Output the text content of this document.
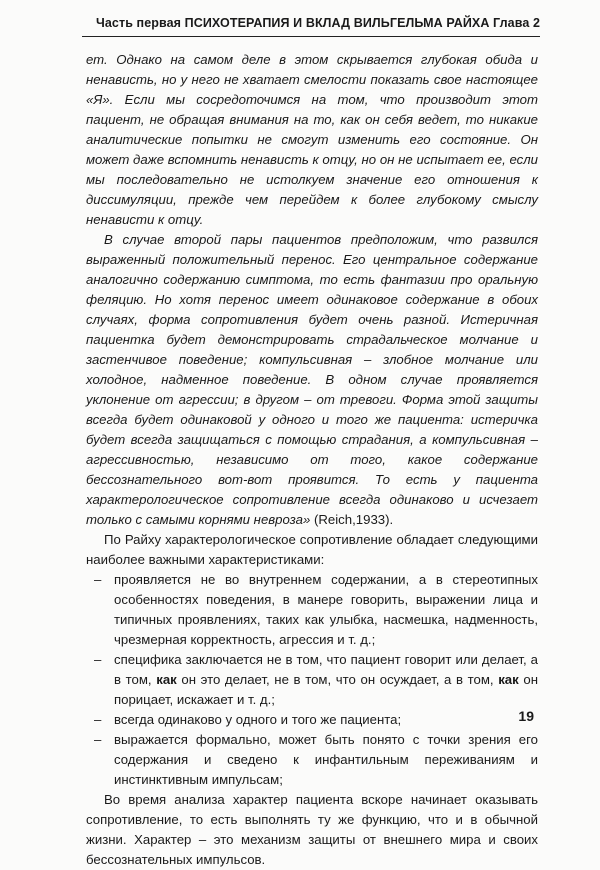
Часть первая ПСИХОТЕРАПИЯ И ВКЛАД ВИЛЬГЕЛЬМА РАЙХА Глава 2

ет. Однако на самом деле в этом скрывается глубокая обида и ненависть, но у него не хватает смелости показать свое настоящее «Я». Если мы сосредоточимся на том, что производит этот пациент, не обращая внимания на то, как он себя ведет, то никакие аналитические попытки не смогут изменить его состояние. Он может даже вспомнить ненависть к отцу, но он не испытает ее, если мы последовательно не истолкуем значение его отношения к диссимуляции, прежде чем перейдем к более глубокому смыслу ненависти к отцу.

В случае второй пары пациентов предположим, что развился выраженный положительный перенос. Его центральное содержание аналогично содержанию симптома, то есть фантазии про оральную феляцию. Но хотя перенос имеет одинаковое содержание в обоих случаях, форма сопротивления будет очень разной. Истеричная пациентка будет демонстрировать страдальческое молчание и застенчивое поведение; компульсивная – злобное молчание или холодное, надменное поведение. В одном случае проявляется уклонение от агрессии; в другом – от тревоги. Форма этой защиты всегда будет одинаковой у одного и того же пациента: истеричка будет всегда защищаться с помощью страдания, а компульсивная – агрессивностью, независимо от того, какое содержание бессознательного вот-вот проявится. То есть у пациента характерологическое сопротивление всегда одинаково и исчезает только с самыми корнями невроза» (Reich,1933).

По Райху характерологическое сопротивление обладает следующими наиболее важными характеристиками:

– проявляется не во внутреннем содержании, а в стереотипных особенностях поведения, в манере говорить, выражении лица и типичных проявлениях, таких как улыбка, насмешка, надменность, чрезмерная корректность, агрессия и т. д.;
– специфика заключается не в том, что пациент говорит или делает, а в том, как он это делает, не в том, что он осуждает, а в том, как он порицает, искажает и т. д.;
– всегда одинаково у одного и того же пациента;
– выражается формально, может быть понято с точки зрения его содержания и сведено к инфантильным переживаниям и инстинктивным импульсам;

Во время анализа характер пациента вскоре начинает оказывать сопротивление, то есть выполнять ту же функцию, что и в обычной жизни. Характер – это механизм защиты от внешнего мира и своих бессознательных импульсов.

19
